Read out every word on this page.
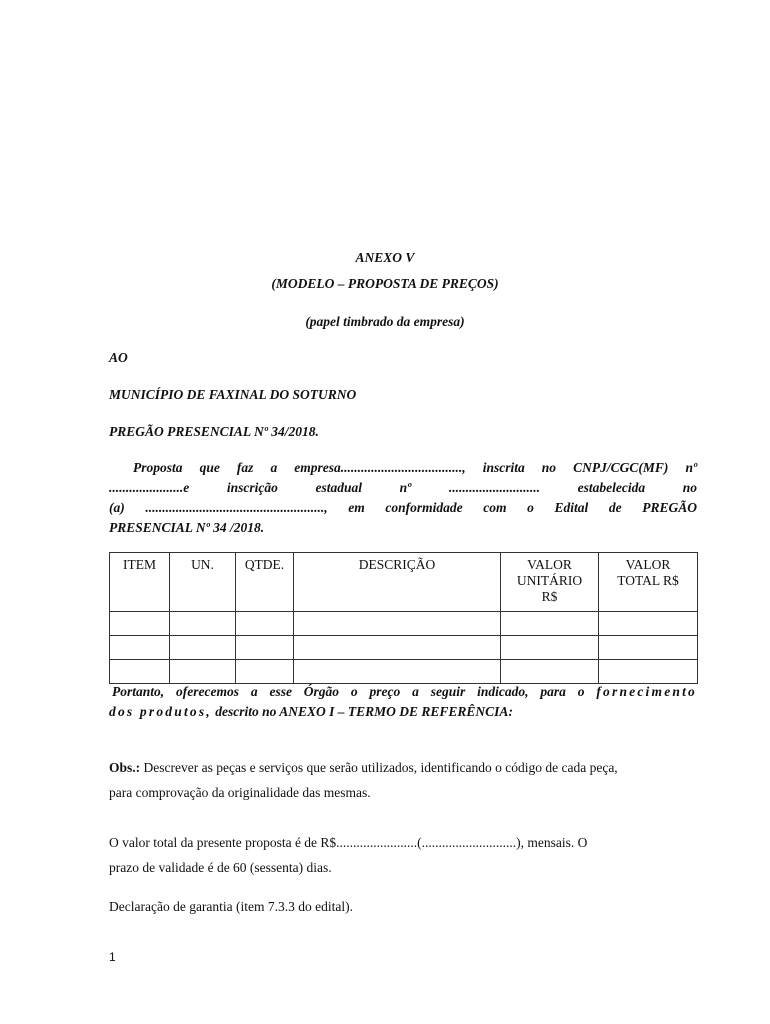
ANEXO V
(MODELO – PROPOSTA DE PREÇOS)
(papel timbrado da empresa)
AO
MUNICÍPIO DE FAXINAL DO SOTURNO
PREGÃO PRESENCIAL Nº 34/2018.
Proposta que faz a empresa...................................., inscrita no CNPJ/CGC(MF) nº
......................e inscrição estadual nº ........................... estabelecida no
(a) ....................................................., em conformidade com o Edital de PREGÃO
PRESENCIAL Nº 34 /2018.
ITEM	UN.	QTDE.	DESCRIÇÃO	VALOR UNITÁRIO R$	VALOR TOTAL R$

Portanto, oferecemos a esse Órgão o preço a seguir indicado, para o fornecimento
dos produtos, descrito no ANEXO I – TERMO DE REFERÊNCIA:
Obs.: Descrever as peças e serviços que serão utilizados, identificando o código de cada peça,
para comprovação da originalidade das mesmas.
O valor total da presente proposta é de R$........................(............................), mensais. O
prazo de validade é de 60 (sessenta) dias.
Declaração de garantia (item 7.3.3 do edital).
1
